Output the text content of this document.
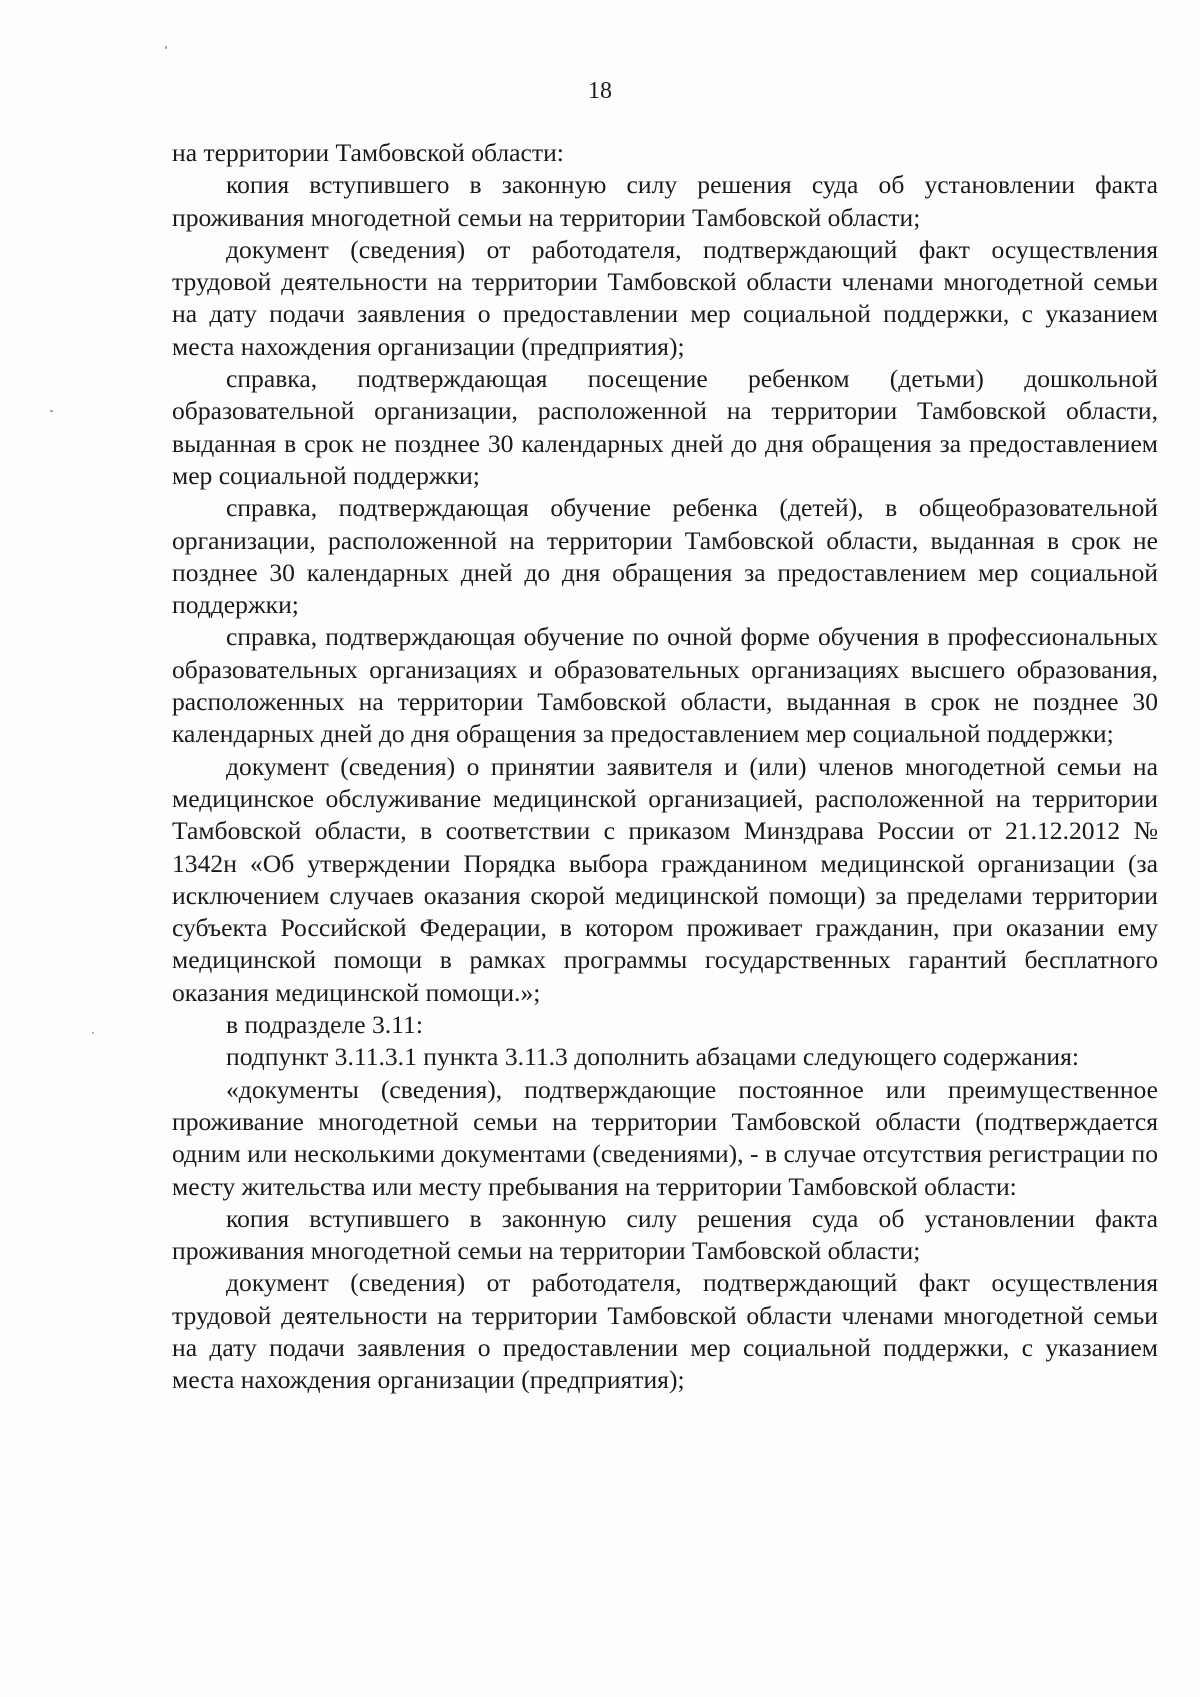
18

на территории Тамбовской области:

копия вступившего в законную силу решения суда об установлении факта проживания многодетной семьи на территории Тамбовской области;

документ (сведения) от работодателя, подтверждающий факт осуществления трудовой деятельности на территории Тамбовской области членами многодетной семьи на дату подачи заявления о предоставлении мер социальной поддержки, с указанием места нахождения организации (предприятия);

справка, подтверждающая посещение ребенком (детьми) дошкольной образовательной организации, расположенной на территории Тамбовской области, выданная в срок не позднее 30 календарных дней до дня обращения за предоставлением мер социальной поддержки;

справка, подтверждающая обучение ребенка (детей), в общеобразовательной организации, расположенной на территории Тамбовской области, выданная в срок не позднее 30 календарных дней до дня обращения за предоставлением мер социальной поддержки;

справка, подтверждающая обучение по очной форме обучения в профессиональных образовательных организациях и образовательных организациях высшего образования, расположенных на территории Тамбовской области, выданная в срок не позднее 30 календарных дней до дня обращения за предоставлением мер социальной поддержки;

документ (сведения) о принятии заявителя и (или) членов многодетной семьи на медицинское обслуживание медицинской организацией, расположенной на территории Тамбовской области, в соответствии с приказом Минздрава России от 21.12.2012 № 1342н «Об утверждении Порядка выбора гражданином медицинской организации (за исключением случаев оказания скорой медицинской помощи) за пределами территории субъекта Российской Федерации, в котором проживает гражданин, при оказании ему медицинской помощи в рамках программы государственных гарантий бесплатного оказания медицинской помощи.»;

в подразделе 3.11:

подпункт 3.11.3.1 пункта 3.11.3 дополнить абзацами следующего содержания:

«документы (сведения), подтверждающие постоянное или преимущественное проживание многодетной семьи на территории Тамбовской области (подтверждается одним или несколькими документами (сведениями), - в случае отсутствия регистрации по месту жительства или месту пребывания на территории Тамбовской области:

копия вступившего в законную силу решения суда об установлении факта проживания многодетной семьи на территории Тамбовской области;

документ (сведения) от работодателя, подтверждающий факт осуществления трудовой деятельности на территории Тамбовской области членами многодетной семьи на дату подачи заявления о предоставлении мер социальной поддержки, с указанием места нахождения организации (предприятия);
